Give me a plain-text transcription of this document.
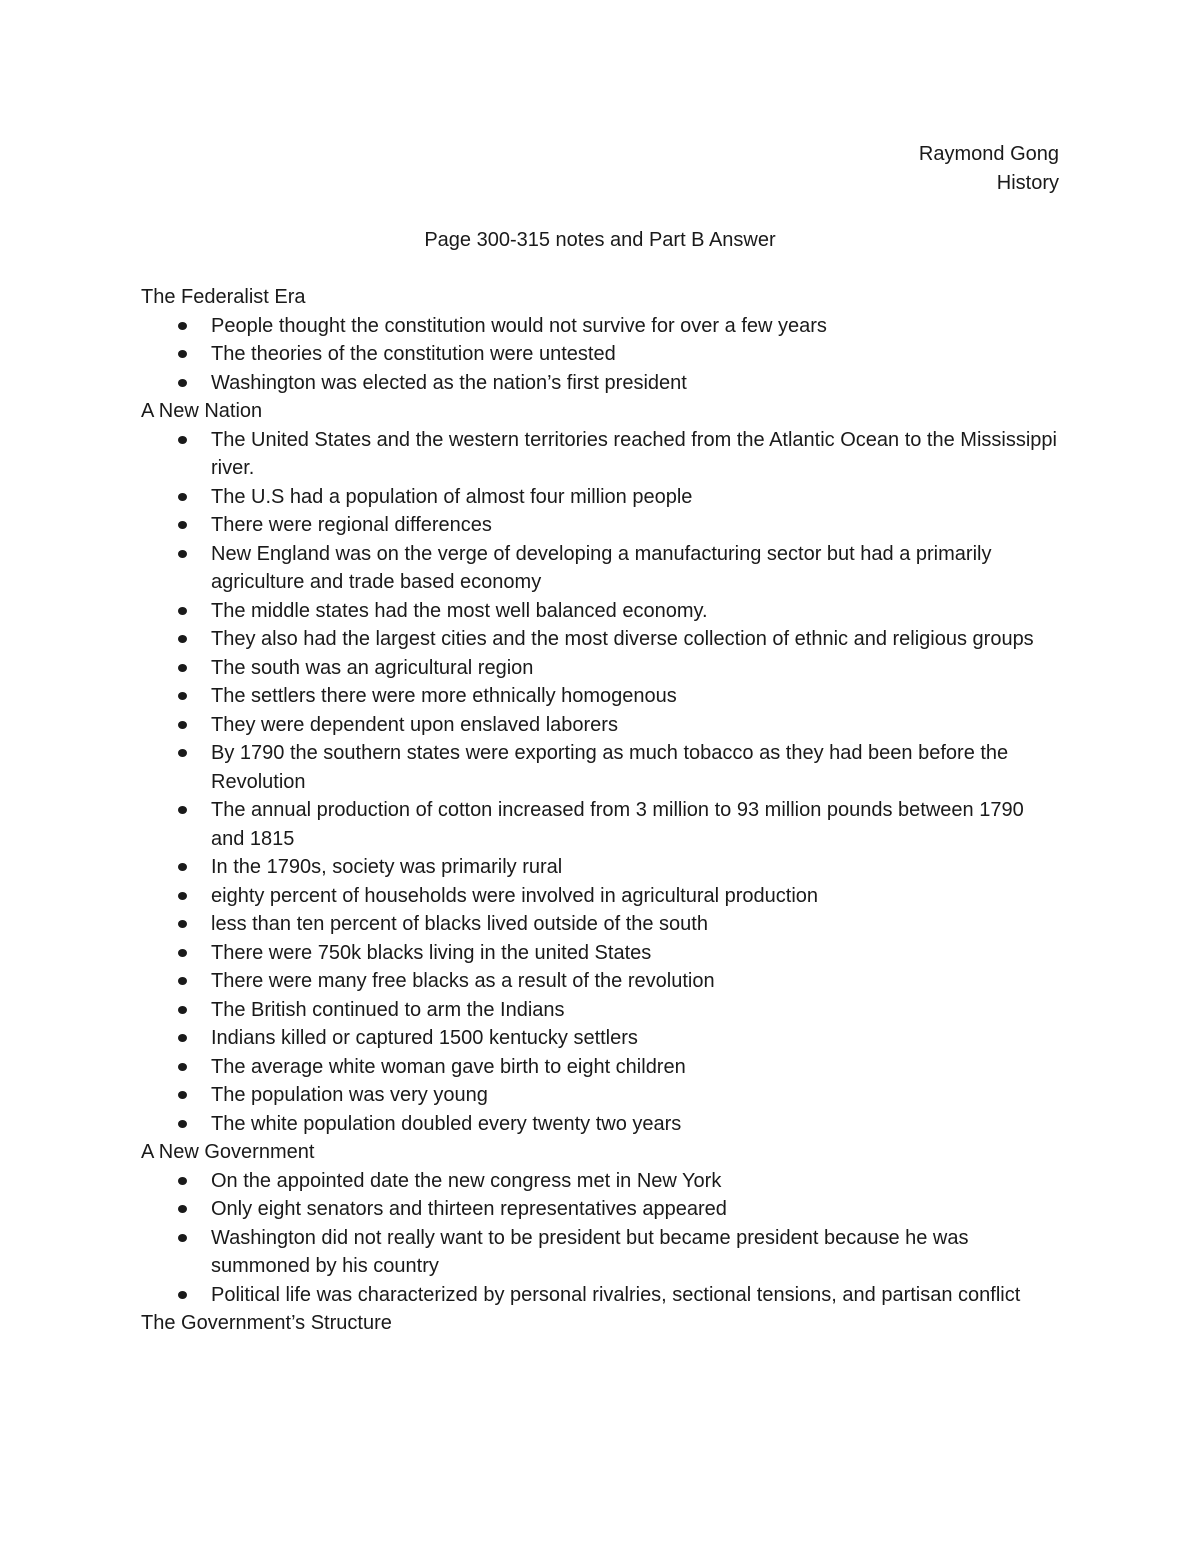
Raymond Gong
History
Page 300-315 notes and Part B Answer
The Federalist Era
People thought the constitution would not survive for over a few years
The theories of the constitution were untested
Washington was elected as the nation’s first president
A New Nation
The United States and the western territories reached from the Atlantic Ocean to the Mississippi river.
The U.S had a population of almost four million people
There were regional differences
New England was on the verge of developing a manufacturing sector but had a primarily agriculture and trade based economy
The middle states had the most well balanced economy.
They also had the largest cities and the most diverse collection of ethnic and religious groups
The south was an agricultural region
The settlers there were more ethnically homogenous
They were dependent upon enslaved laborers
By 1790 the southern states were exporting as much tobacco as they had been before the Revolution
The annual production of cotton increased from 3 million to 93 million pounds between 1790 and 1815
In the 1790s, society was primarily rural
eighty percent of households were involved in agricultural production
less than ten percent of blacks lived outside of the south
There were 750k blacks living in the united States
There were many free blacks as a result of the revolution
The British continued to arm the Indians
Indians killed or captured 1500 kentucky settlers
The average white woman gave birth to eight children
The population was very young
The white population doubled every twenty two years
A New Government
On the appointed date the new congress met in New York
Only eight senators and thirteen representatives appeared
Washington did not really want to be president but became president because he was summoned by his country
Political life was characterized by personal rivalries, sectional tensions, and partisan conflict
The Government’s Structure
